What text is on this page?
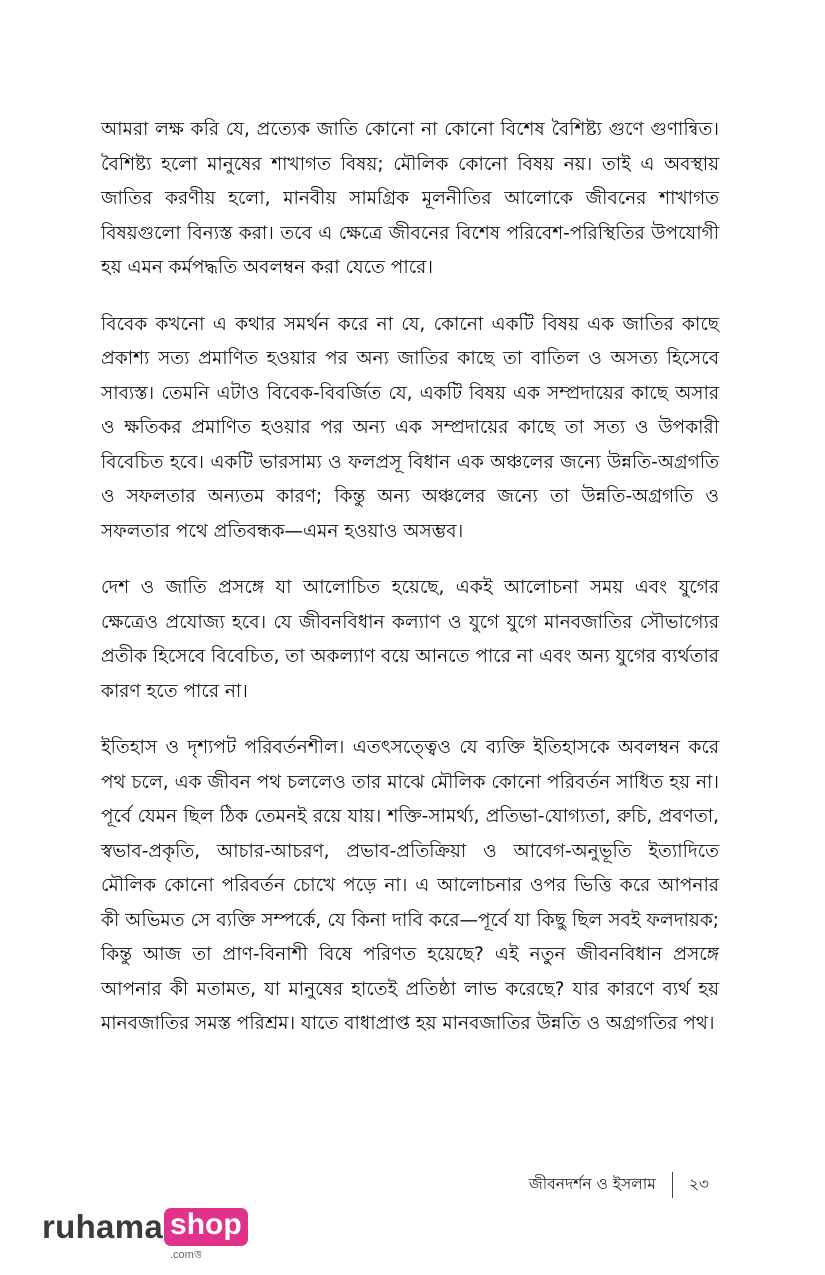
আমরা লক্ষ করি যে, প্রত্যেক জাতি কোনো না কোনো বিশেষ বৈশিষ্ট্য গুণে গুণান্বিত। বৈশিষ্ট্য হলো মানুষের শাখাগত বিষয়; মৌলিক কোনো বিষয় নয়। তাই এ অবস্থায় জাতির করণীয় হলো, মানবীয় সামগ্রিক মূলনীতির আলোকে জীবনের শাখাগত বিষয়গুলো বিন্যস্ত করা। তবে এ ক্ষেত্রে জীবনের বিশেষ পরিবেশ-পরিস্থিতির উপযোগী হয় এমন কর্মপদ্ধতি অবলম্বন করা যেতে পারে।

বিবেক কখনো এ কথার সমর্থন করে না যে, কোনো একটি বিষয় এক জাতির কাছে প্রকাশ্য সত্য প্রমাণিত হওয়ার পর অন্য জাতির কাছে তা বাতিল ও অসত্য হিসেবে সাব্যস্ত। তেমনি এটাও বিবেক-বিবর্জিত যে, একটি বিষয় এক সম্প্রদায়ের কাছে অসার ও ক্ষতিকর প্রমাণিত হওয়ার পর অন্য এক সম্প্রদায়ের কাছে তা সত্য ও উপকারী বিবেচিত হবে। একটি ভারসাম্য ও ফলপ্রসূ বিধান এক অঞ্চলের জন্যে উন্নতি-অগ্রগতি ও সফলতার অন্যতম কারণ; কিন্তু অন্য অঞ্চলের জন্যে তা উন্নতি-অগ্রগতি ও সফলতার পথে প্রতিবন্ধক—এমন হওয়াও অসম্ভব।

দেশ ও জাতি প্রসঙ্গে যা আলোচিত হয়েছে, একই আলোচনা সময় এবং যুগের ক্ষেত্রেও প্রযোজ্য হবে। যে জীবনবিধান কল্যাণ ও যুগে যুগে মানবজাতির সৌভাগ্যের প্রতীক হিসেবে বিবেচিত, তা অকল্যাণ বয়ে আনতে পারে না এবং অন্য যুগের ব্যর্থতার কারণ হতে পারে না।

ইতিহাস ও দৃশ্যপট পরিবর্তনশীল। এতৎসত্ত্বেও যে ব্যক্তি ইতিহাসকে অবলম্বন করে পথ চলে, এক জীবন পথ চললেও তার মাঝে মৌলিক কোনো পরিবর্তন সাধিত হয় না। পূর্বে যেমন ছিল ঠিক তেমনই রয়ে যায়। শক্তি-সামর্থ্য, প্রতিভা-যোগ্যতা, রুচি, প্রবণতা, স্বভাব-প্রকৃতি, আচার-আচরণ, প্রভাব-প্রতিক্রিয়া ও আবেগ-অনুভূতি ইত্যাদিতে মৌলিক কোনো পরিবর্তন চোখে পড়ে না। এ আলোচনার ওপর ভিত্তি করে আপনার কী অভিমত সে ব্যক্তি সম্পর্কে, যে কিনা দাবি করে—পূর্বে যা কিছু ছিল সবই ফলদায়ক; কিন্তু আজ তা প্রাণ-বিনাশী বিষে পরিণত হয়েছে? এই নতুন জীবনবিধান প্রসঙ্গে আপনার কী মতামত, যা মানুষের হাতেই প্রতিষ্ঠা লাভ করেছে? যার কারণে ব্যর্থ হয় মানবজাতির সমস্ত পরিশ্রম। যাতে বাধাপ্রাপ্ত হয় মানবজাতির উন্নতি ও অগ্রগতির পথ।

জীবনদর্শন ও ইসলাম ২৩
ruhama shop
.comত্ত
